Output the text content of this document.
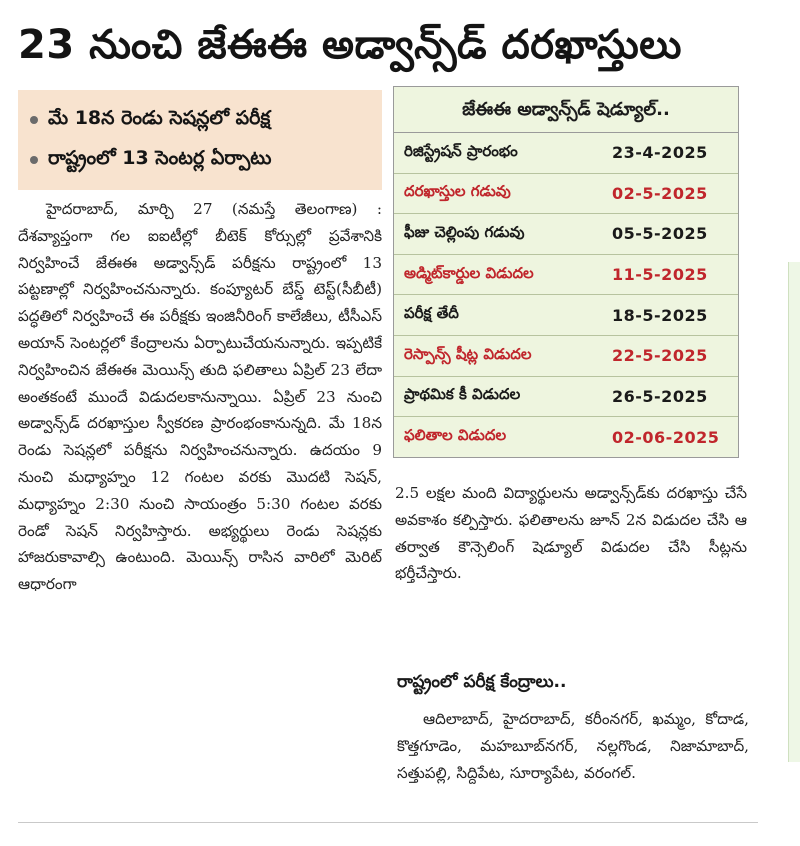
23 నుంచి జేఈఈ అడ్వాన్స్‌డ్ దరఖాస్తులు
మే 18న రెండు సెషన్లలో పరీక్ష
రాష్ట్రంలో 13 సెంటర్ల ఏర్పాటు

హైదరాబాద్, మార్చి 27 (నమస్తే తెలంగాణ) : దేశవ్యాప్తంగా గల ఐఐటీల్లో బీటెక్ కోర్సుల్లో ప్రవేశానికి నిర్వహించే జేఈఈ అడ్వాన్స్‌డ్ పరీక్షను రాష్ట్రంలో 13 పట్టణాల్లో నిర్వహించనున్నారు. కంప్యూటర్ బేస్డ్ టెస్ట్(సీబీటీ) పద్ధతిలో నిర్వహించే ఈ పరీక్షకు ఇంజినీరింగ్ కాలేజీలు, టీసీఎస్ అయాన్ సెంటర్లలో కేంద్రాలను ఏర్పాటుచేయనున్నారు. ఇప్పటికే నిర్వహించిన జేఈఈ మెయిన్స్ తుది ఫలితాలు ఏప్రిల్ 23 లేదా అంతకంటే ముందే విడుదలకానున్నాయి. ఏప్రిల్ 23 నుంచి అడ్వాన్స్‌డ్ దరఖాస్తుల స్వీకరణ ప్రారంభంకానున్నది. మే 18న రెండు సెషన్లలో పరీక్షను నిర్వహించనున్నారు. ఉదయం 9 నుంచి మధ్యాహ్నం 12 గంటల వరకు మొదటి సెషన్, మధ్యాహ్నం 2:30 నుంచి సాయంత్రం 5:30 గంటల వరకు రెండో సెషన్ నిర్వహిస్తారు. అభ్యర్థులు రెండు సెషన్లకు హాజరుకావాల్సి ఉంటుంది. మెయిన్స్ రాసిన వారిలో మెరిట్ ఆధారంగా

జేఈఈ అడ్వాన్స్‌డ్ షెడ్యూల్..
రిజిస్ట్రేషన్ ప్రారంభం	23-4-2025
దరఖాస్తుల గడువు	02-5-2025
ఫీజు చెల్లింపు గడువు	05-5-2025
అడ్మిట్‌కార్డుల విడుదల	11-5-2025
పరీక్ష తేదీ	18-5-2025
రెస్పాన్స్ షీట్ల విడుదల	22-5-2025
ప్రాథమిక కీ విడుదల	26-5-2025
ఫలితాల విడుదల	02-06-2025
2.5 లక్షల మంది విద్యార్థులను అడ్వాన్స్‌డ్‌కు దరఖాస్తు చేసే అవకాశం కల్పిస్తారు. ఫలితాలను జూన్ 2న విడుదల చేసి ఆ తర్వాత కౌన్సెలింగ్ షెడ్యూల్ విడుదల చేసి సీట్లను భర్తీచేస్తారు.
రాష్ట్రంలో పరీక్ష కేంద్రాలు..
ఆదిలాబాద్, హైదరాబాద్, కరీంనగర్, ఖమ్మం, కోదాడ, కొత్తగూడెం, మహబూబ్‌నగర్, నల్లగొండ, నిజామాబాద్, సత్తుపల్లి, సిద్దిపేట, సూర్యాపేట, వరంగల్.
